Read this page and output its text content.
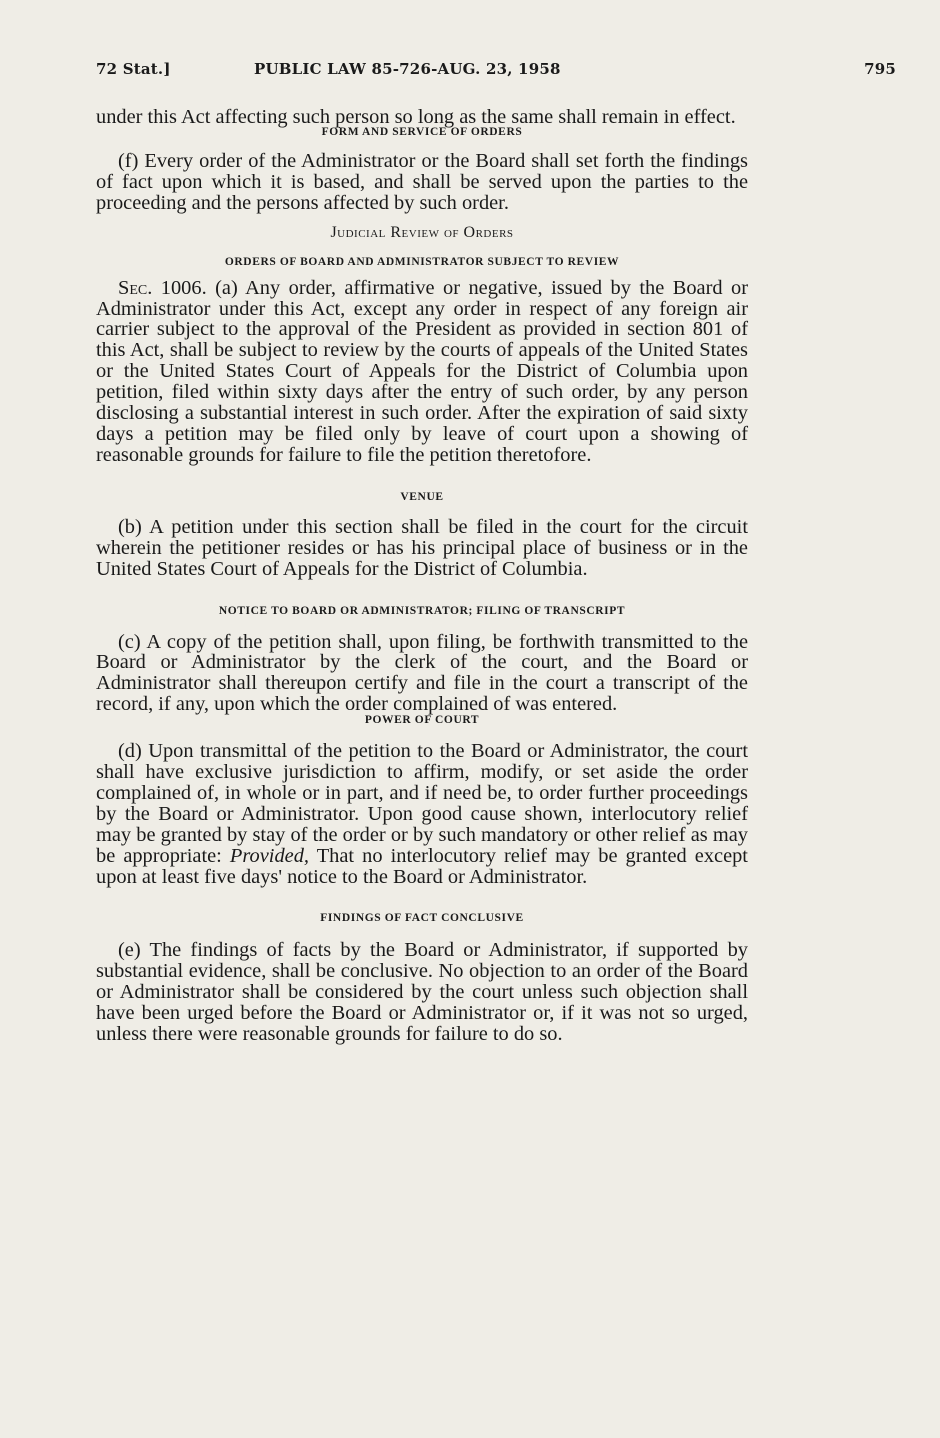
72 Stat.]	PUBLIC LAW 85-726-AUG. 23, 1958	795

under this Act affecting such person so long as the same shall remain in effect.

FORM AND SERVICE OF ORDERS

(f) Every order of the Administrator or the Board shall set forth the findings of fact upon which it is based, and shall be served upon the parties to the proceeding and the persons affected by such order.

Judicial Review of Orders

ORDERS OF BOARD AND ADMINISTRATOR SUBJECT TO REVIEW

Sec. 1006. (a) Any order, affirmative or negative, issued by the Board or Administrator under this Act, except any order in respect of any foreign air carrier subject to the approval of the President as provided in section 801 of this Act, shall be subject to review by the courts of appeals of the United States or the United States Court of Appeals for the District of Columbia upon petition, filed within sixty days after the entry of such order, by any person disclosing a substantial interest in such order. After the expiration of said sixty days a petition may be filed only by leave of court upon a showing of reasonable grounds for failure to file the petition theretofore.

VENUE

(b) A petition under this section shall be filed in the court for the circuit wherein the petitioner resides or has his principal place of business or in the United States Court of Appeals for the District of Columbia.

NOTICE TO BOARD OR ADMINISTRATOR; FILING OF TRANSCRIPT

(c) A copy of the petition shall, upon filing, be forthwith transmitted to the Board or Administrator by the clerk of the court, and the Board or Administrator shall thereupon certify and file in the court a transcript of the record, if any, upon which the order complained of was entered.

POWER OF COURT

(d) Upon transmittal of the petition to the Board or Administrator, the court shall have exclusive jurisdiction to affirm, modify, or set aside the order complained of, in whole or in part, and if need be, to order further proceedings by the Board or Administrator. Upon good cause shown, interlocutory relief may be granted by stay of the order or by such mandatory or other relief as may be appropriate: Provided, That no interlocutory relief may be granted except upon at least five days' notice to the Board or Administrator.

FINDINGS OF FACT CONCLUSIVE

(e) The findings of facts by the Board or Administrator, if supported by substantial evidence, shall be conclusive. No objection to an order of the Board or Administrator shall be considered by the court unless such objection shall have been urged before the Board or Administrator or, if it was not so urged, unless there were reasonable grounds for failure to do so.
